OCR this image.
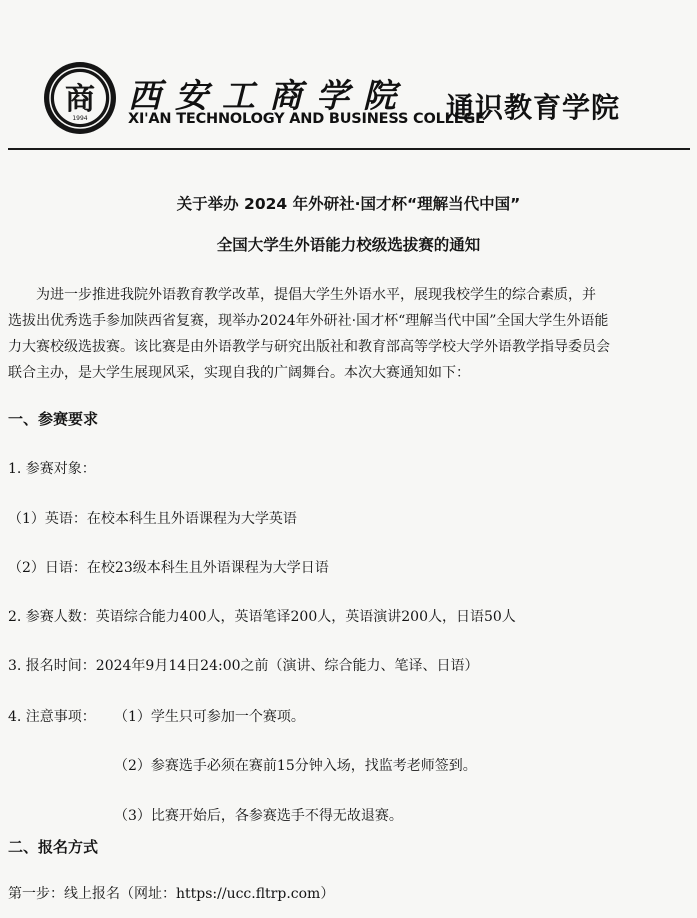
商
1994
西安工商学院
XI'AN TECHNOLOGY AND BUSINESS COLLEGE
通识教育学院
关于举办 2024 年外研社·国才杯“理解当代中国”
全国大学生外语能力校级选拔赛的通知
为进一步推进我院外语教育教学改革，提倡大学生外语水平，展现我校学生的综合素质，并
选拔出优秀选手参加陕西省复赛，现举办2024年外研社·国才杯“理解当代中国”全国大学生外语能
力大赛校级选拔赛。该比赛是由外语教学与研究出版社和教育部高等学校大学外语教学指导委员会
联合主办，是大学生展现风采，实现自我的广阔舞台。本次大赛通知如下：
一、参赛要求
1. 参赛对象：
（1）英语：在校本科生且外语课程为大学英语
（2）日语：在校23级本科生且外语课程为大学日语
2. 参赛人数：英语综合能力400人，英语笔译200人，英语演讲200人，日语50人
3. 报名时间：2024年9月14日24:00之前（演讲、综合能力、笔译、日语）
4. 注意事项： （1）学生只可参加一个赛项。
（2）参赛选手必须在赛前15分钟入场，找监考老师签到。
（3）比赛开始后，各参赛选手不得无故退赛。
二、报名方式
第一步：线上报名（网址：https://ucc.fltrp.com）
